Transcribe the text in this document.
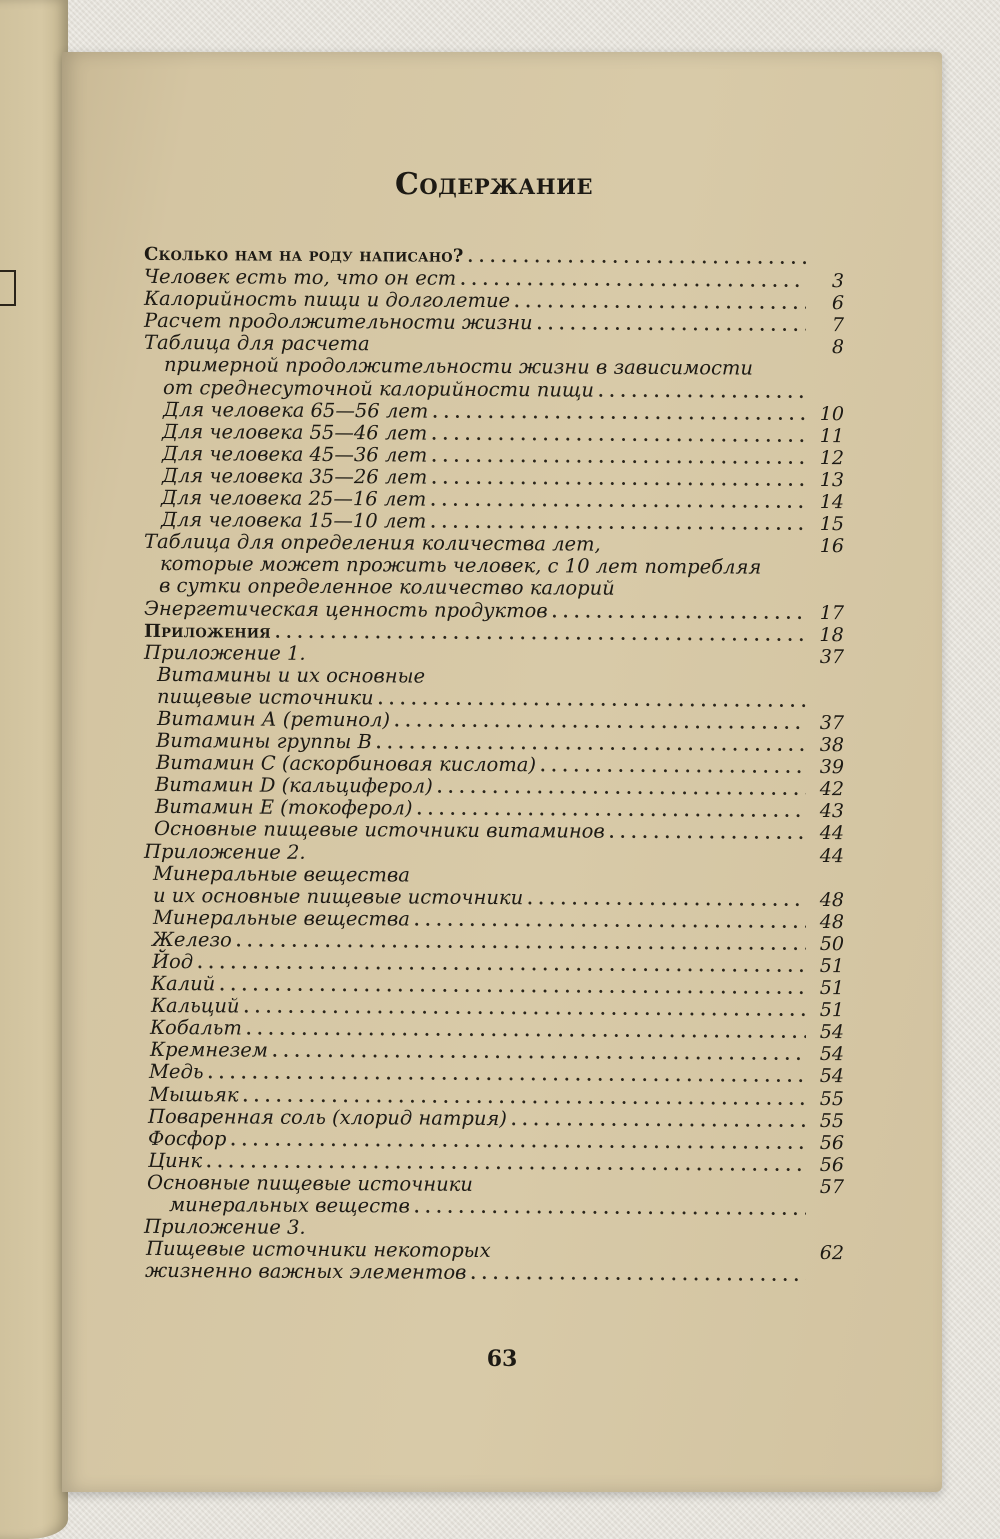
Содержание
Сколько нам на роду написано?
. . .
Человек есть то, что он ест . . .	3
Калорийность пищи и долголетие . . .	6
Расчет продолжительности жизни . . .	7
Таблица для расчета	8
примерной продолжительности жизни в зависимости
от среднесуточной калорийности пищи
. . .
Для человека 65—56 лет . . .	10
Для человека 55—46 лет . . .	11
Для человека 45—36 лет . . .	12
Для человека 35—26 лет . . .	13
Для человека 25—16 лет . . .	14
Для человека 15—10 лет . . .	15
Таблица для определения количества лет,	16
которые может прожить человек, с 10 лет потребляя
в сутки определенное количество калорий
Энергетическая ценность продуктов . . .	17
Приложения . . .	18
Приложение 1.	37
Витамины и их основные
пищевые источники
. . .
Витамин А (ретинол) . . .	37
Витамины группы В . . .	38
Витамин С (аскорбиновая кислота) . . .	39
Витамин D (кальциферол) . . .	42
Витамин Е (токоферол) . . .	43
Основные пищевые источники витаминов . . .	44
Приложение 2.	44
Минеральные вещества
и их основные пищевые источники . . .	48
Минеральные вещества . . .	48
Железо . . .	50
Йод . . .	51
Калий . . .	51
Кальций . . .	51
Кобальт . . .	54
Кремнезем . . .	54
Медь . . .	54
Мышьяк . . .	55
Поваренная соль (хлорид натрия) . . .	55
Фосфор . . .	56
Цинк . . .	56
Основные пищевые источники	57
минеральных веществ
. . .
Приложение 3.
Пищевые источники некоторых	62
жизненно важных элементов
. . .
63
